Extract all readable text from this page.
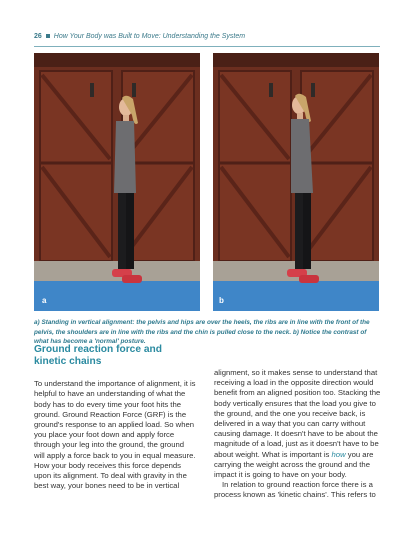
26 How Your Body was Built to Move: Understanding the System
a	b
a) Standing in vertical alignment: the pelvis and hips are over the heels, the ribs are in line with the front of the pelvis, the shoulders are in line with the ribs and the chin is pulled close to the neck. b) Notice the contrast of what has become a 'normal' posture.
Ground reaction force and kinetic chains

To understand the importance of alignment, it is helpful to have an understanding of what the body has to do every time your foot hits the ground. Ground Reaction Force (GRF) is the ground's response to an applied load. So when you place your foot down and apply force through your leg into the ground, the ground will apply a force back to you in equal measure. How your body receives this force depends upon its alignment. To deal with gravity in the best way, your bones need to be in vertical

alignment, so it makes sense to understand that receiving a load in the opposite direction would benefit from an aligned position too. Stacking the body vertically ensures that the load you give to the ground, and the one you receive back, is delivered in a way that you can carry without causing damage. It doesn't have to be about the magnitude of a load, just as it doesn't have to be about weight. What is important is how you are carrying the weight across the ground and the impact it is going to have on your body.

In relation to ground reaction force there is a process known as 'kinetic chains'. This refers to
